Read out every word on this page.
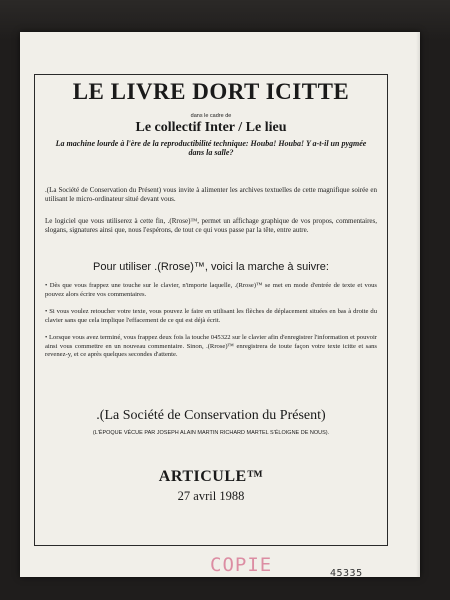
LE LIVRE DORT ICITTE
dans le cadre de
Le collectif Inter / Le lieu
La machine lourde à l'ère de la reproductibilité technique: Houba! Houba! Y a-t-il un pygmée dans la salle?
.(La Société de Conservation du Présent) vous invite à alimenter les archives textuelles de cette magnifique soirée en utilisant le micro-ordinateur situé devant vous.
Le logiciel que vous utiliserez à cette fin, .(Rrose)™, permet un affichage graphique de vos propos, commentaires, slogans, signatures ainsi que, nous l'espérons, de tout ce qui vous passe par la tête, entre autre.
Pour utiliser .(Rrose)™, voici la marche à suivre:
• Dès que vous frappez une touche sur le clavier, n'importe laquelle, .(Rrose)™ se met en mode d'entrée de texte et vous pouvez alors écrire vos commentaires.
• Si vous voulez retoucher votre texte, vous pouvez le faire en utilisant les flèches de déplacement situées en bas à droite du clavier sans que cela implique l'effacement de ce qui est déjà écrit.
• Lorsque vous avez terminé, vous frappez deux fois la touche 045322 sur le clavier afin d'enregistrer l'information et pouvoir ainsi vous commettre en un nouveau commentaire. Sinon, .(Rrose)™ enregistrera de toute façon votre texte icitte et sans revenez-y, et ce après quelques secondes d'attente.
.(La Société de Conservation du Présent)
(L'ÉPOQUE VÉCUE PAR JOSEPH ALAIN MARTIN RICHARD MARTEL S'ÉLOIGNE DE NOUS).
ARTICULE™
27 avril 1988
COPIE	45335
